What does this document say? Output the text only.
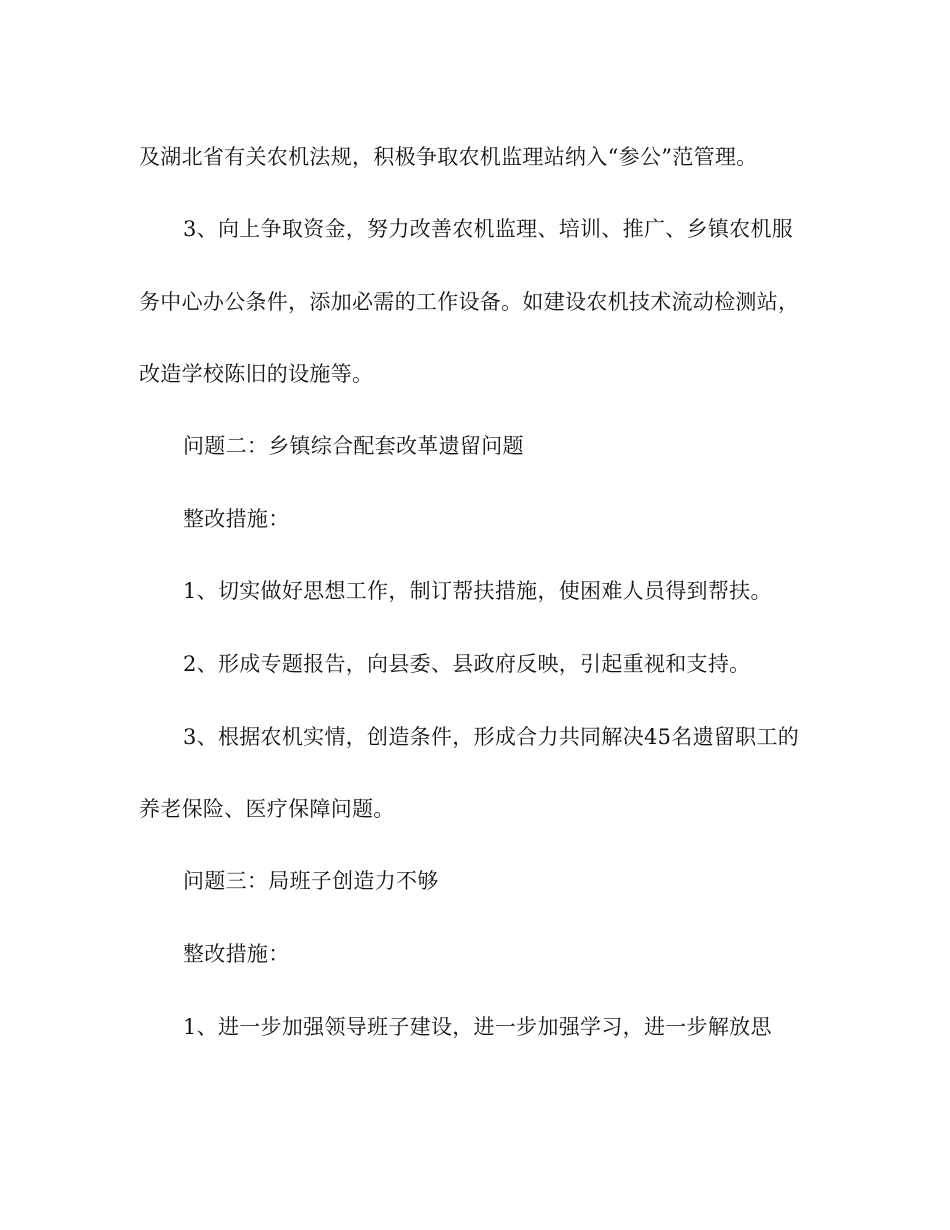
及湖北省有关农机法规，积极争取农机监理站纳入“参公”范管理。
3、向上争取资金，努力改善农机监理、培训、推广、乡镇农机服
务中心办公条件，添加必需的工作设备。如建设农机技术流动检测站，
改造学校陈旧的设施等。
问题二：乡镇综合配套改革遗留问题
整改措施：
1、切实做好思想工作，制订帮扶措施，使困难人员得到帮扶。
2、形成专题报告，向县委、县政府反映，引起重视和支持。
3、根据农机实情，创造条件，形成合力共同解决45名遗留职工的
养老保险、医疗保障问题。
问题三：局班子创造力不够
整改措施：
1、进一步加强领导班子建设，进一步加强学习，进一步解放思
